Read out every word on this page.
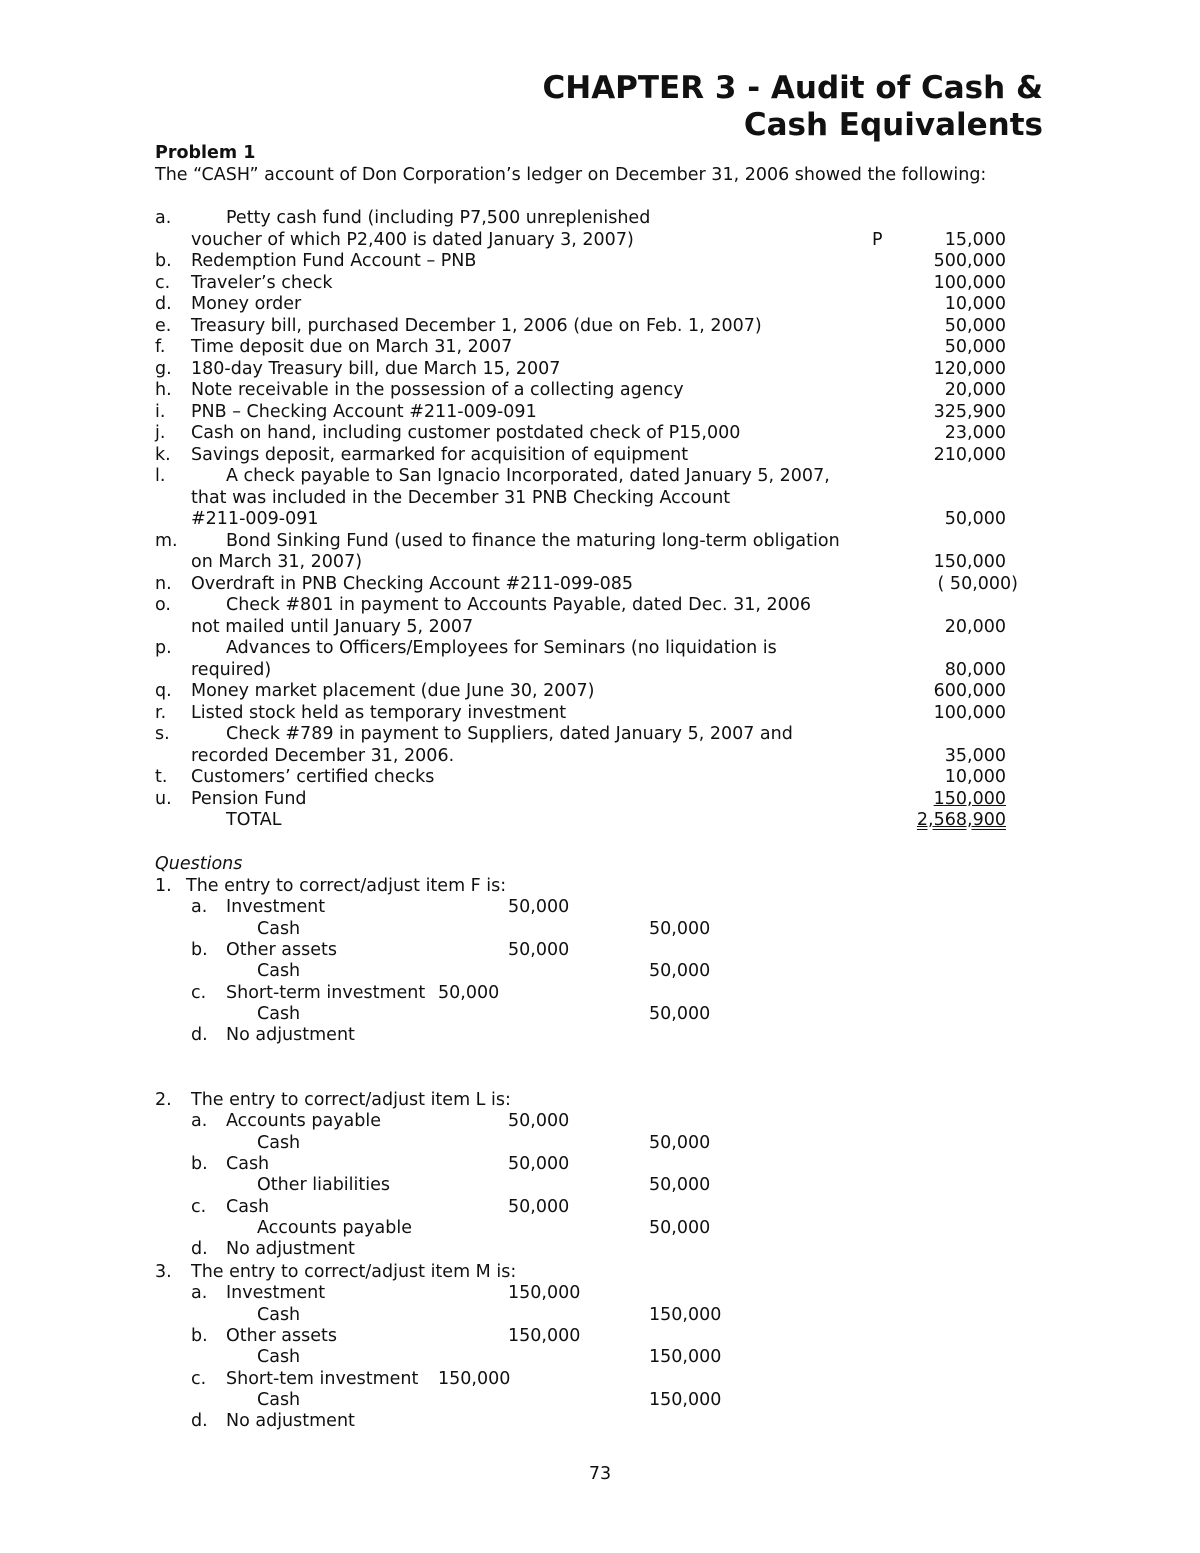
CHAPTER 3 - Audit of Cash &
Cash Equivalents
Problem 1
The “CASH” account of Don Corporation’s ledger on December 31, 2006 showed the following:
a.	Petty cash fund (including P7,500 unreplenished
voucher of which P2,400 is dated January 3, 2007)	P	15,000
b. Redemption Fund Account – PNB	500,000
c. Traveler’s check	100,000
d. Money order	10,000
e. Treasury bill, purchased December 1, 2006 (due on Feb. 1, 2007)	50,000
f. Time deposit due on March 31, 2007	50,000
g. 180-day Treasury bill, due March 15, 2007	120,000
h. Note receivable in the possession of a collecting agency	20,000
i. PNB – Checking Account #211-009-091	325,900
j. Cash on hand, including customer postdated check of P15,000	23,000
k. Savings deposit, earmarked for acquisition of equipment	210,000
l.	A check payable to San Ignacio Incorporated, dated January 5, 2007,
that was included in the December 31 PNB Checking Account
#211-009-091	50,000
m.	Bond Sinking Fund (used to finance the maturing long-term obligation
on March 31, 2007)	150,000
n. Overdraft in PNB Checking Account #211-099-085	( 50,000)
o.	Check #801 in payment to Accounts Payable, dated Dec. 31, 2006
not mailed until January 5, 2007	20,000
p.	Advances to Officers/Employees for Seminars (no liquidation is
required)	80,000
q. Money market placement (due June 30, 2007)	600,000
r. Listed stock held as temporary investment	100,000
s.	Check #789 in payment to Suppliers, dated January 5, 2007 and
recorded December 31, 2006.	35,000
t. Customers’ certified checks	10,000
u. Pension Fund	150,000
TOTAL	2,568,900
Questions
1. The entry to correct/adjust item F is:
a. Investment	50,000
Cash	50,000
b. Other assets	50,000
Cash	50,000
c. Short-term investment 50,000
Cash	50,000
d. No adjustment
2. The entry to correct/adjust item L is:
a. Accounts payable	50,000
Cash	50,000
b. Cash	50,000
Other liabilities	50,000
c. Cash	50,000
Accounts payable	50,000
d. No adjustment
3. The entry to correct/adjust item M is:
a. Investment	150,000
Cash	150,000
b. Other assets	150,000
Cash	150,000
c. Short-tem investment 150,000
Cash	150,000
d. No adjustment
73
